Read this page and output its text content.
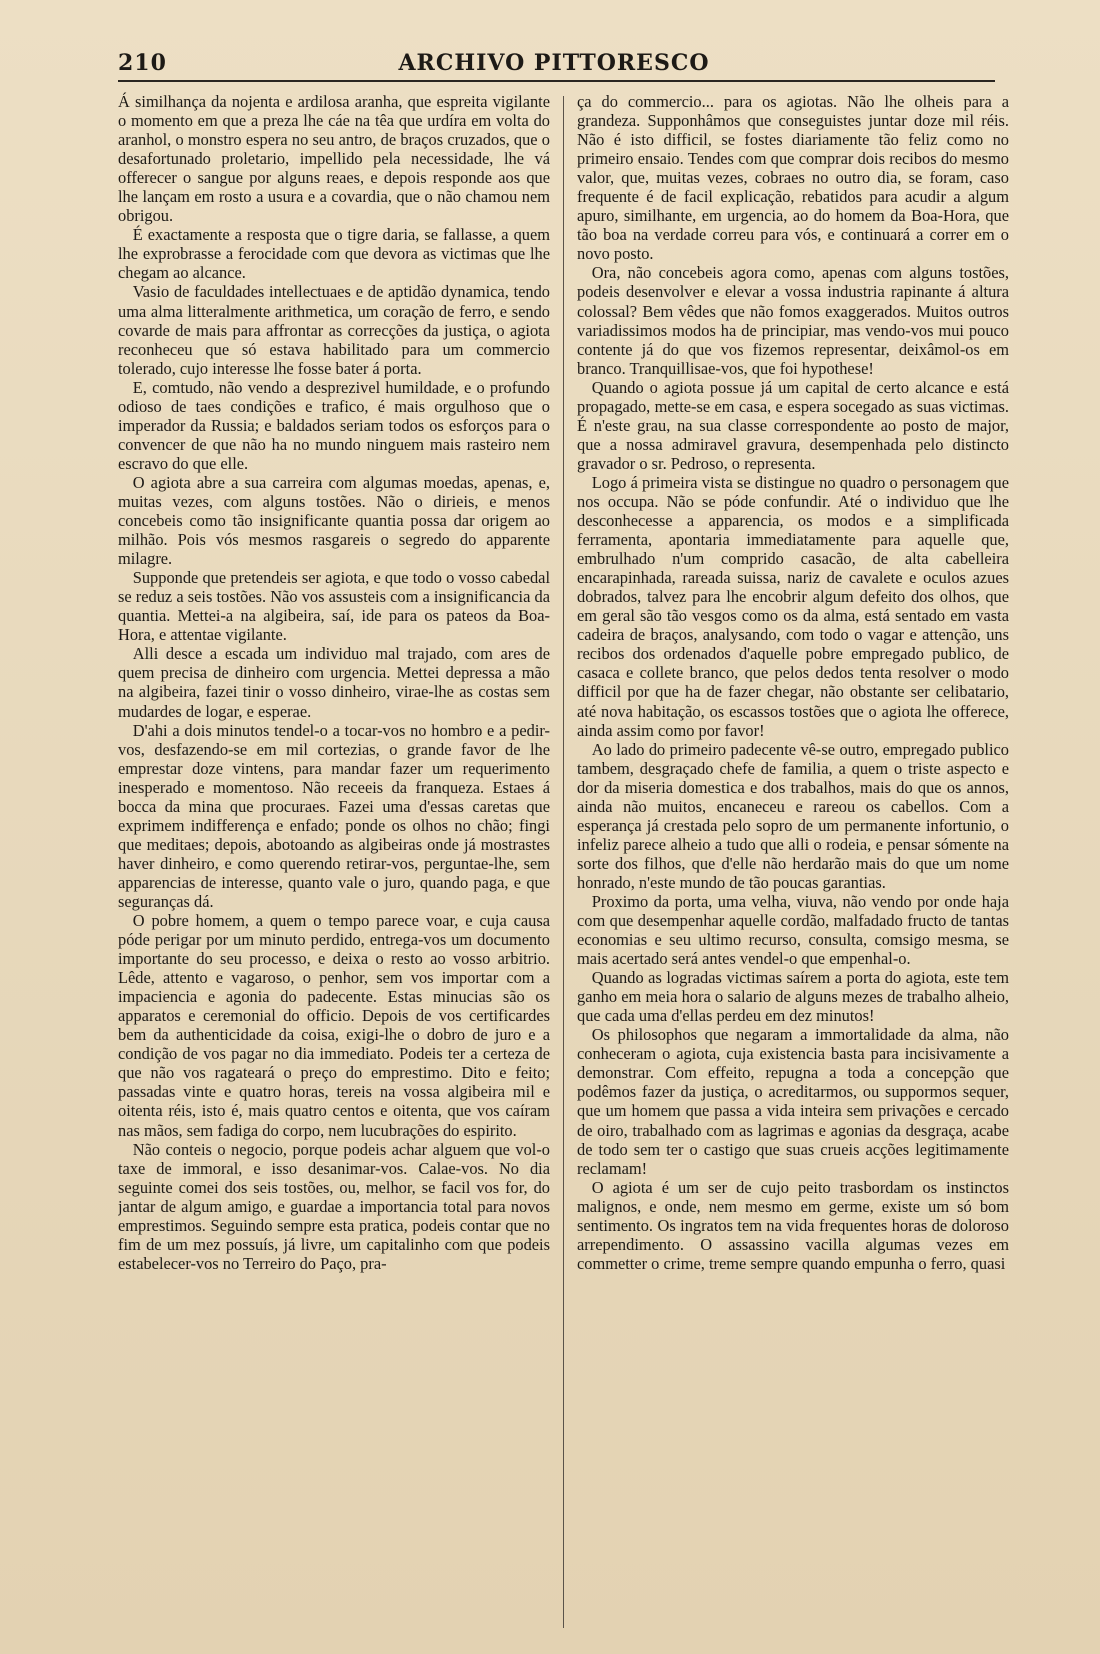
210	ARCHIVO PITTORESCO

Á similhança da nojenta e ardilosa aranha, que espreita vigilante o momento em que a preza lhe cáe na têa que urdíra em volta do aranhol, o monstro espera no seu antro, de braços cruzados, que o desafortunado proletario, impellido pela necessidade, lhe vá offerecer o sangue por alguns reaes, e depois responde aos que lhe lançam em rosto a usura e a covardia, que o não chamou nem obrigou.

É exactamente a resposta que o tigre daria, se fallasse, a quem lhe exprobrasse a ferocidade com que devora as victimas que lhe chegam ao alcance.

Vasio de faculdades intellectuaes e de aptidão dynamica, tendo uma alma litteralmente arithmetica, um coração de ferro, e sendo covarde de mais para affrontar as correcções da justiça, o agiota reconheceu que só estava habilitado para um commercio tolerado, cujo interesse lhe fosse bater á porta.

E, comtudo, não vendo a desprezivel humildade, e o profundo odioso de taes condições e trafico, é mais orgulhoso que o imperador da Russia; e baldados seriam todos os esforços para o convencer de que não ha no mundo ninguem mais rasteiro nem escravo do que elle.

O agiota abre a sua carreira com algumas moedas, apenas, e, muitas vezes, com alguns tostões. Não o dirieis, e menos concebeis como tão insignificante quantia possa dar origem ao milhão. Pois vós mesmos rasgareis o segredo do apparente milagre.

Supponde que pretendeis ser agiota, e que todo o vosso cabedal se reduz a seis tostões. Não vos assusteis com a insignificancia da quantia. Mettei-a na algibeira, saí, ide para os pateos da Boa-Hora, e attentae vigilante.

Alli desce a escada um individuo mal trajado, com ares de quem precisa de dinheiro com urgencia. Mettei depressa a mão na algibeira, fazei tinir o vosso dinheiro, virae-lhe as costas sem mudardes de logar, e esperae.

D'ahi a dois minutos tendel-o a tocar-vos no hombro e a pedir-vos, desfazendo-se em mil cortezias, o grande favor de lhe emprestar doze vintens, para mandar fazer um requerimento inesperado e momentoso. Não receeis da franqueza. Estaes á bocca da mina que procuraes. Fazei uma d'essas caretas que exprimem indifferença e enfado; ponde os olhos no chão; fingi que meditaes; depois, abotoando as algibeiras onde já mostrastes haver dinheiro, e como querendo retirar-vos, perguntae-lhe, sem apparencias de interesse, quanto vale o juro, quando paga, e que seguranças dá.

O pobre homem, a quem o tempo parece voar, e cuja causa póde perigar por um minuto perdido, entrega-vos um documento importante do seu processo, e deixa o resto ao vosso arbitrio. Lêde, attento e vagaroso, o penhor, sem vos importar com a impaciencia e agonia do padecente. Estas minucias são os apparatos e ceremonial do officio. Depois de vos certificardes bem da authenticidade da coisa, exigi-lhe o dobro de juro e a condição de vos pagar no dia immediato. Podeis ter a certeza de que não vos ragateará o preço do emprestimo. Dito e feito; passadas vinte e quatro horas, tereis na vossa algibeira mil e oitenta réis, isto é, mais quatro centos e oitenta, que vos caíram nas mãos, sem fadiga do corpo, nem lucubrações do espirito.

Não conteis o negocio, porque podeis achar alguem que vol-o taxe de immoral, e isso desanimar-vos. Calae-vos. No dia seguinte comei dos seis tostões, ou, melhor, se facil vos for, do jantar de algum amigo, e guardae a importancia total para novos emprestimos. Seguindo sempre esta pratica, podeis contar que no fim de um mez possuís, já livre, um capitalinho com que podeis estabelecer-vos no Terreiro do Paço, pra-

ça do commercio... para os agiotas. Não lhe olheis para a grandeza. Supponhâmos que conseguistes juntar doze mil réis. Não é isto difficil, se fostes diariamente tão feliz como no primeiro ensaio. Tendes com que comprar dois recibos do mesmo valor, que, muitas vezes, cobraes no outro dia, se foram, caso frequente é de facil explicação, rebatidos para acudir a algum apuro, similhante, em urgencia, ao do homem da Boa-Hora, que tão boa na verdade correu para vós, e continuará a correr em o novo posto.

Ora, não concebeis agora como, apenas com alguns tostões, podeis desenvolver e elevar a vossa industria rapinante á altura colossal? Bem vêdes que não fomos exaggerados. Muitos outros variadissimos modos ha de principiar, mas vendo-vos mui pouco contente já do que vos fizemos representar, deixâmol-os em branco. Tranquillisae-vos, que foi hypothese!

Quando o agiota possue já um capital de certo alcance e está propagado, mette-se em casa, e espera socegado as suas victimas. É n'este grau, na sua classe correspondente ao posto de major, que a nossa admiravel gravura, desempenhada pelo distincto gravador o sr. Pedroso, o representa.

Logo á primeira vista se distingue no quadro o personagem que nos occupa. Não se póde confundir. Até o individuo que lhe desconhecesse a apparencia, os modos e a simplificada ferramenta, apontaria immediatamente para aquelle que, embrulhado n'um comprido casacão, de alta cabelleira encarapinhada, rareada suissa, nariz de cavalete e oculos azues dobrados, talvez para lhe encobrir algum defeito dos olhos, que em geral são tão vesgos como os da alma, está sentado em vasta cadeira de braços, analysando, com todo o vagar e attenção, uns recibos dos ordenados d'aquelle pobre empregado publico, de casaca e collete branco, que pelos dedos tenta resolver o modo difficil por que ha de fazer chegar, não obstante ser celibatario, até nova habitação, os escassos tostões que o agiota lhe offerece, ainda assim como por favor!

Ao lado do primeiro padecente vê-se outro, empregado publico tambem, desgraçado chefe de familia, a quem o triste aspecto e dor da miseria domestica e dos trabalhos, mais do que os annos, ainda não muitos, encaneceu e rareou os cabellos. Com a esperança já crestada pelo sopro de um permanente infortunio, o infeliz parece alheio a tudo que alli o rodeia, e pensar sómente na sorte dos filhos, que d'elle não herdarão mais do que um nome honrado, n'este mundo de tão poucas garantias.

Proximo da porta, uma velha, viuva, não vendo por onde haja com que desempenhar aquelle cordão, malfadado fructo de tantas economias e seu ultimo recurso, consulta, comsigo mesma, se mais acertado será antes vendel-o que empenhal-o.

Quando as logradas victimas saírem a porta do agiota, este tem ganho em meia hora o salario de alguns mezes de trabalho alheio, que cada uma d'ellas perdeu em dez minutos!

Os philosophos que negaram a immortalidade da alma, não conheceram o agiota, cuja existencia basta para incisivamente a demonstrar. Com effeito, repugna a toda a concepção que podêmos fazer da justiça, o acreditarmos, ou suppormos sequer, que um homem que passa a vida inteira sem privações e cercado de oiro, trabalhado com as lagrimas e agonias da desgraça, acabe de todo sem ter o castigo que suas crueis acções legitimamente reclamam!

O agiota é um ser de cujo peito trasbordam os instinctos malignos, e onde, nem mesmo em germe, existe um só bom sentimento. Os ingratos tem na vida frequentes horas de doloroso arrependimento. O assassino vacilla algumas vezes em commetter o crime, treme sempre quando empunha o ferro, quasi
